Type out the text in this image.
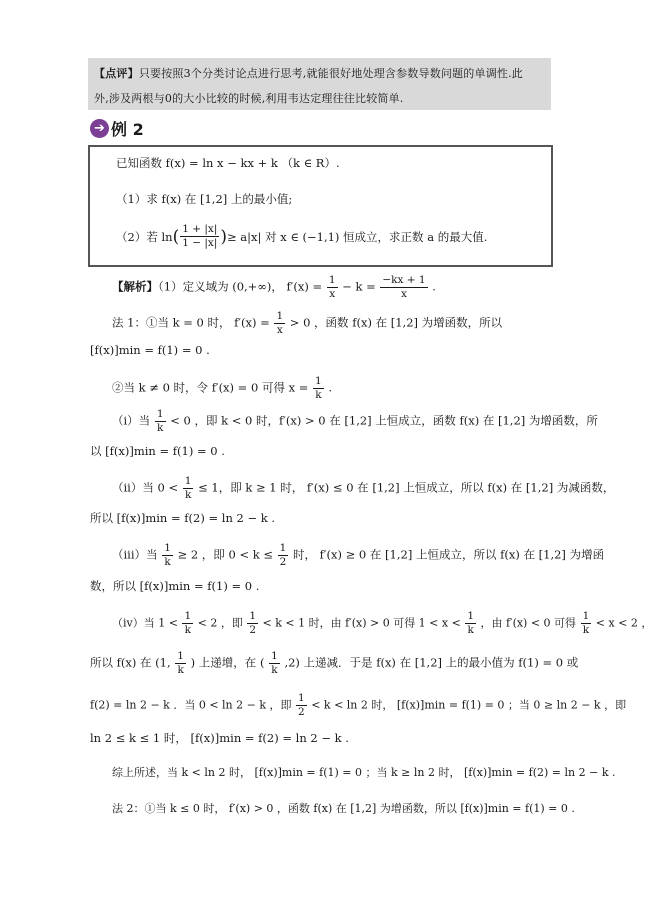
【点评】只要按照3个分类讨论点进行思考,就能很好地处理含参数导数问题的单调性.此
外,涉及两根与0的大小比较的时候,利用韦达定理往往比较简单.
➔ 例 2
已知函数 f(x) = ln x − kx + k （k ∈ R）.
（1）求 f(x) 在 [1,2] 上的最小值;
（2）若 ln ( $\frac{1 + |x|}{1 - |x|}$ ) ≥ a|x| 对 x ∈ (−1,1) 恒成立，求正数 a 的最大值.
【解析】（1）定义域为 (0,+∞)， $f'(x) = \frac{1}{x} - k = \frac{-kx + 1}{x}$ .
法 1：①当 k = 0 时， $f'(x) = \frac{1}{x} > 0$ ，函数 f(x) 在 [1,2] 为增函数，所以
[f(x)]min = f(1) = 0 .
②当 k ≠ 0 时，令 f′(x) = 0 可得 $x = \frac{1}{k}$ .
（i）当 $\frac{1}{k} < 0$ ，即 k < 0 时，f′(x) > 0 在 [1,2] 上恒成立，函数 f(x) 在 [1,2] 为增函数，所
以 [f(x)]min = f(1) = 0 .
（ii）当 $0 < \frac{1}{k} \le 1$，即 k ≥ 1 时， f′(x) ≤ 0 在 [1,2] 上恒成立，所以 f(x) 在 [1,2] 为减函数，
所以 [f(x)]min = f(2) = ln 2 − k .
（iii）当 $\frac{1}{k} \ge 2$ ，即 $0 < k \le \frac{1}{2}$ 时， f′(x) ≥ 0 在 [1,2] 上恒成立，所以 f(x) 在 [1,2] 为增函
数，所以 [f(x)]min = f(1) = 0 .
（iv）当 $1 < \frac{1}{k} < 2$ ，即 $\frac{1}{2} < k < 1$ 时，由 f′(x) > 0 可得 $1 < x < \frac{1}{k}$ ，由 f′(x) < 0 可得 $\frac{1}{k} < x < 2$ ，
所以 f(x) 在 (1, $\frac{1}{k}$ ) 上递增，在 ( $\frac{1}{k} ,2$) 上递减．于是 f(x) 在 [1,2] 上的最小值为 f(1) = 0 或
f(2) = ln 2 − k ．当 0 < ln 2 − k ，即 $\frac{1}{2} < k < \ln 2$ 时， [f(x)]min = f(1) = 0 ；当 0 ≥ ln 2 − k ，即
ln 2 ≤ k ≤ 1 时， [f(x)]min = f(2) = ln 2 − k .
综上所述，当 k < ln 2 时， [f(x)]min = f(1) = 0 ；当 k ≥ ln 2 时， [f(x)]min = f(2) = ln 2 − k .
法 2：①当 k ≤ 0 时， f′(x) > 0 ，函数 f(x) 在 [1,2] 为增函数，所以 [f(x)]min = f(1) = 0 .
